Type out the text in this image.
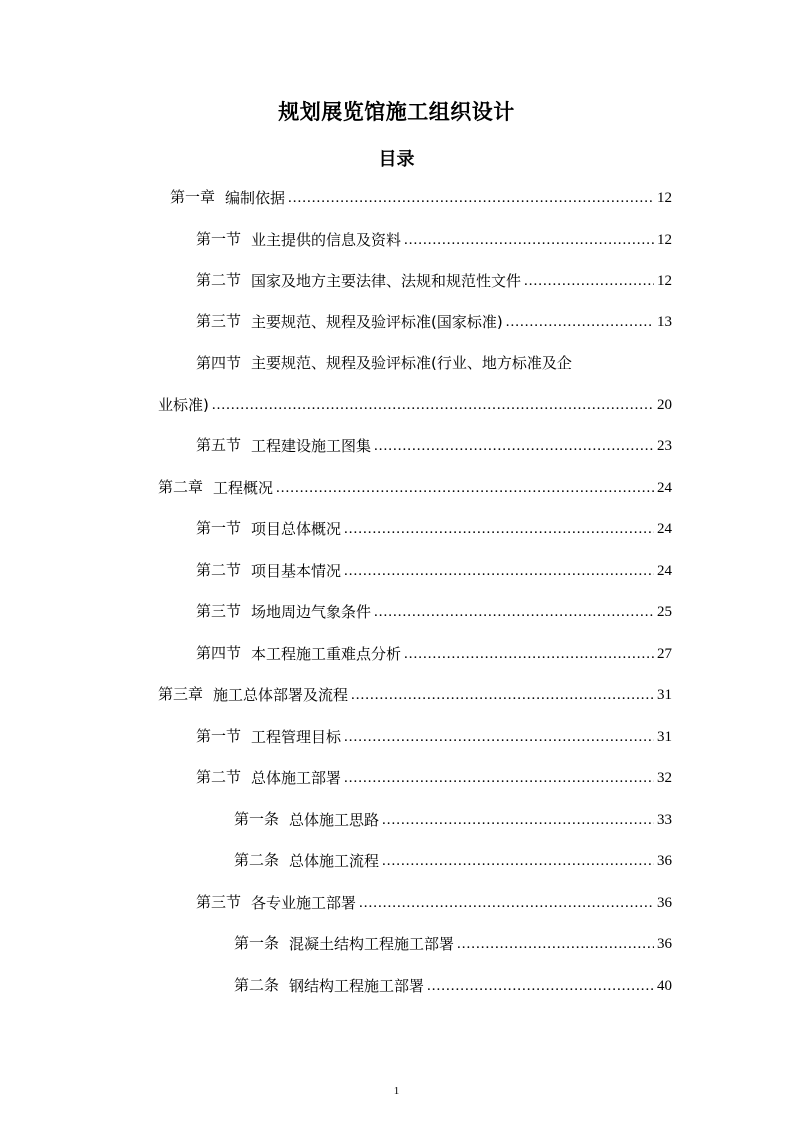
规划展览馆施工组织设计
目录
第一章 编制依据 .....	12
第一节 业主提供的信息及资料 .....	12
第二节 国家及地方主要法律、法规和规范性文件 .....	12
第三节 主要规范、规程及验评标准(国家标准) .....	13
第四节 主要规范、规程及验评标准(行业、地方标准及企
业标准) .....	20
第五节 工程建设施工图集 .....	23
第二章 工程概况 .....	24
第一节 项目总体概况 .....	24
第二节 项目基本情况 .....	24
第三节 场地周边气象条件 .....	25
第四节 本工程施工重难点分析 .....	27
第三章 施工总体部署及流程 .....	31
第一节 工程管理目标 .....	31
第二节 总体施工部署 .....	32
第一条 总体施工思路 .....	33
第二条 总体施工流程 .....	36
第三节 各专业施工部署 .....	36
第一条 混凝土结构工程施工部署 .....	36
第二条 钢结构工程施工部署 .....	40
1
